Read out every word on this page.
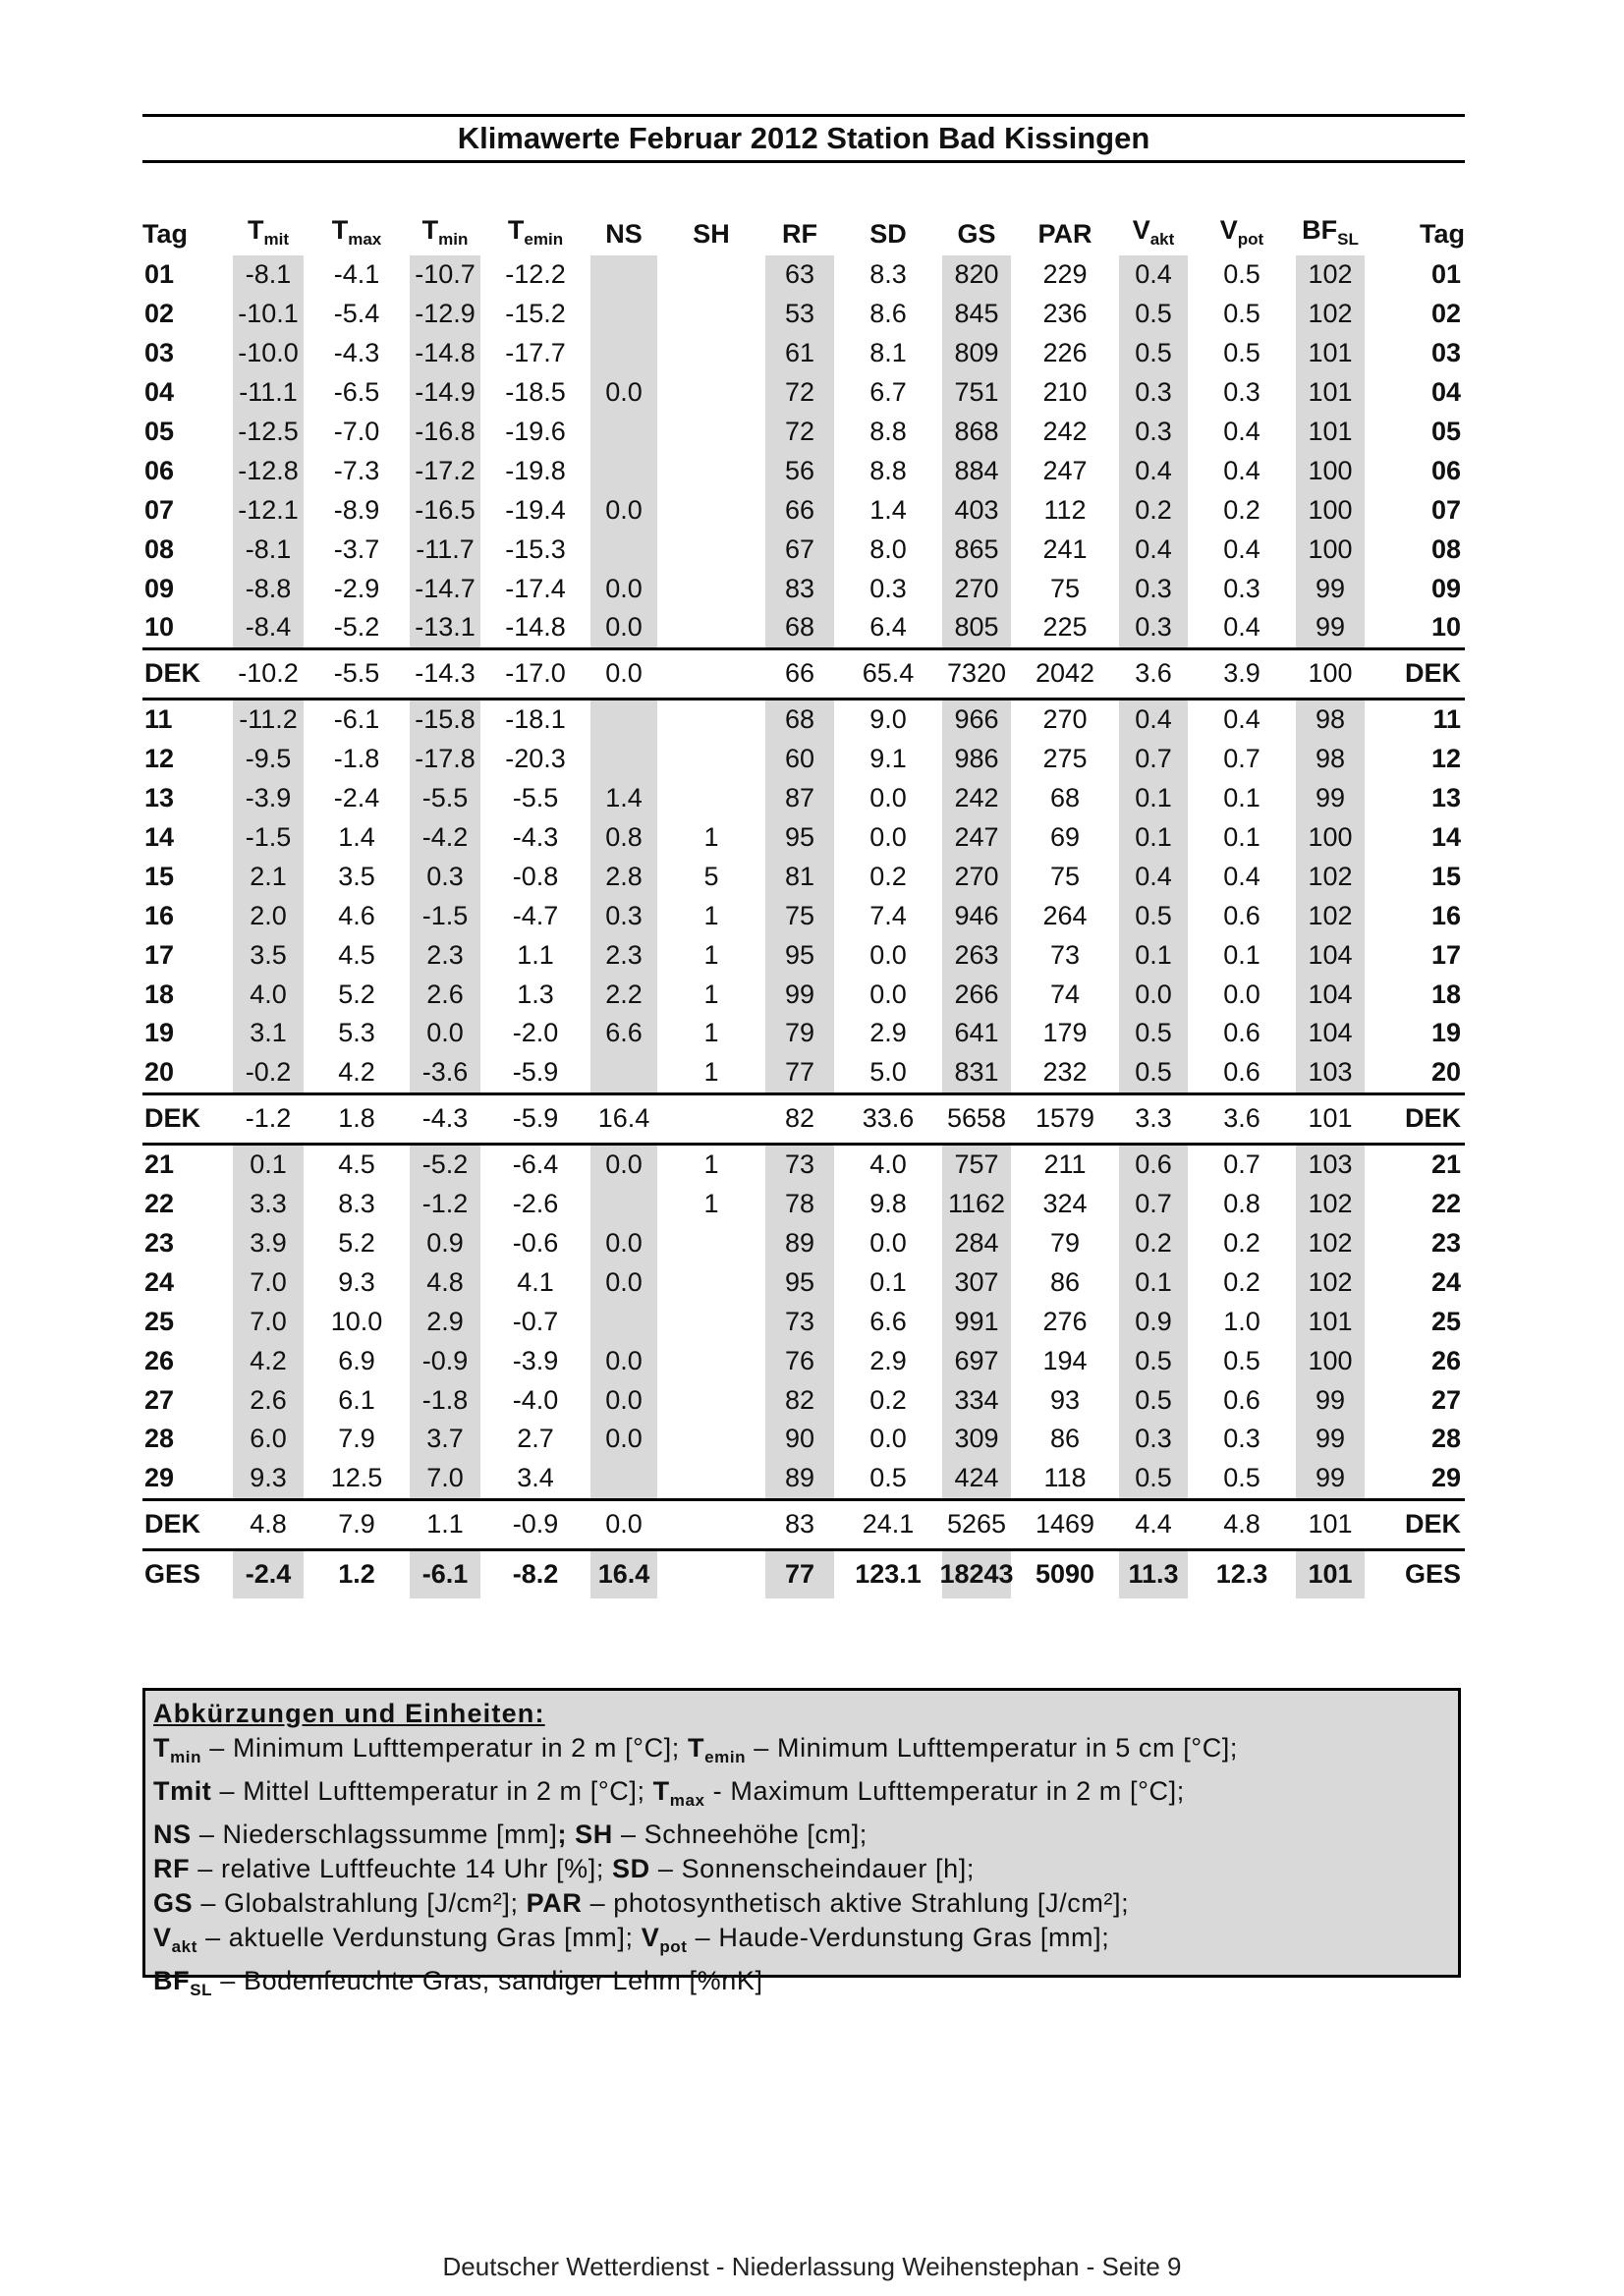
Klimawerte Februar 2012 Station Bad Kissingen
Tag	$T_{mit}$	$T_{max}$	$T_{min}$	$T_{emin}$	NS	SH	RF	SD	GS	PAR	$V_{akt}$	$V_{pot}$	$BF_{SL}$	Tag
01	-8.1	-4.1	-10.7	-12.2			63	8.3	820	229	0.4	0.5	102	01
02	-10.1	-5.4	-12.9	-15.2			53	8.6	845	236	0.5	0.5	102	02
03	-10.0	-4.3	-14.8	-17.7			61	8.1	809	226	0.5	0.5	101	03
04	-11.1	-6.5	-14.9	-18.5	0.0		72	6.7	751	210	0.3	0.3	101	04
05	-12.5	-7.0	-16.8	-19.6			72	8.8	868	242	0.3	0.4	101	05
06	-12.8	-7.3	-17.2	-19.8			56	8.8	884	247	0.4	0.4	100	06
07	-12.1	-8.9	-16.5	-19.4	0.0		66	1.4	403	112	0.2	0.2	100	07
08	-8.1	-3.7	-11.7	-15.3			67	8.0	865	241	0.4	0.4	100	08
09	-8.8	-2.9	-14.7	-17.4	0.0		83	0.3	270	75	0.3	0.3	99	09
10	-8.4	-5.2	-13.1	-14.8	0.0		68	6.4	805	225	0.3	0.4	99	10
DEK	-10.2	-5.5	-14.3	-17.0	0.0		66	65.4	7320	2042	3.6	3.9	100	DEK
11	-11.2	-6.1	-15.8	-18.1			68	9.0	966	270	0.4	0.4	98	11
12	-9.5	-1.8	-17.8	-20.3			60	9.1	986	275	0.7	0.7	98	12
13	-3.9	-2.4	-5.5	-5.5	1.4		87	0.0	242	68	0.1	0.1	99	13
14	-1.5	1.4	-4.2	-4.3	0.8	1	95	0.0	247	69	0.1	0.1	100	14
15	2.1	3.5	0.3	-0.8	2.8	5	81	0.2	270	75	0.4	0.4	102	15
16	2.0	4.6	-1.5	-4.7	0.3	1	75	7.4	946	264	0.5	0.6	102	16
17	3.5	4.5	2.3	1.1	2.3	1	95	0.0	263	73	0.1	0.1	104	17
18	4.0	5.2	2.6	1.3	2.2	1	99	0.0	266	74	0.0	0.0	104	18
19	3.1	5.3	0.0	-2.0	6.6	1	79	2.9	641	179	0.5	0.6	104	19
20	-0.2	4.2	-3.6	-5.9		1	77	5.0	831	232	0.5	0.6	103	20
DEK	-1.2	1.8	-4.3	-5.9	16.4		82	33.6	5658	1579	3.3	3.6	101	DEK
21	0.1	4.5	-5.2	-6.4	0.0	1	73	4.0	757	211	0.6	0.7	103	21
22	3.3	8.3	-1.2	-2.6		1	78	9.8	1162	324	0.7	0.8	102	22
23	3.9	5.2	0.9	-0.6	0.0		89	0.0	284	79	0.2	0.2	102	23
24	7.0	9.3	4.8	4.1	0.0		95	0.1	307	86	0.1	0.2	102	24
25	7.0	10.0	2.9	-0.7			73	6.6	991	276	0.9	1.0	101	25
26	4.2	6.9	-0.9	-3.9	0.0		76	2.9	697	194	0.5	0.5	100	26
27	2.6	6.1	-1.8	-4.0	0.0		82	0.2	334	93	0.5	0.6	99	27
28	6.0	7.9	3.7	2.7	0.0		90	0.0	309	86	0.3	0.3	99	28
29	9.3	12.5	7.0	3.4			89	0.5	424	118	0.5	0.5	99	29
DEK	4.8	7.9	1.1	-0.9	0.0		83	24.1	5265	1469	4.4	4.8	101	DEK
GES	-2.4	1.2	-6.1	-8.2	16.4		77	123.1	18243	5090	11.3	12.3	101	GES
Abkürzungen und Einheiten:
$T_{min}$ – Minimum Lufttemperatur in 2 m [°C]; $T_{emin}$ – Minimum Lufttemperatur in 5 cm [°C];
Tmit – Mittel Lufttemperatur in 2 m [°C]; $T_{max}$ - Maximum Lufttemperatur in 2 m [°C];
NS – Niederschlagssumme [mm]; SH – Schneehöhe [cm];
RF – relative Luftfeuchte 14 Uhr [%]; SD – Sonnenscheindauer [h];
GS – Globalstrahlung [J/cm²]; PAR – photosynthetisch aktive Strahlung [J/cm²];
$V_{akt}$ – aktuelle Verdunstung Gras [mm]; $V_{pot}$ – Haude-Verdunstung Gras [mm];
$BF_{SL}$ – Bodenfeuchte Gras, sandiger Lehm [%nK]
Deutscher Wetterdienst - Niederlassung Weihenstephan - Seite 9
